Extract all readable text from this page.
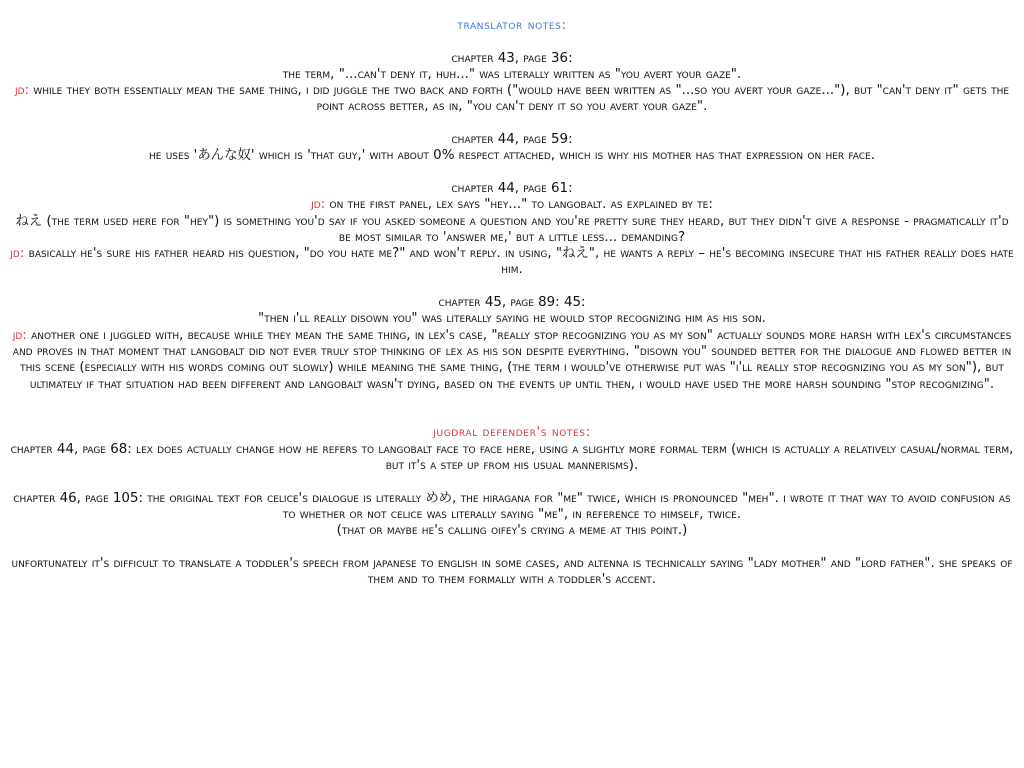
translator notes:

chapter 43, page 36:

the term, "...can't deny it, huh..." was literally written as "you avert your gaze".

jd: while they both essentially mean the same thing, i did juggle the two back and forth ("would have been written as "...so you avert your gaze..."), but "can't deny it" gets the point across better, as in, "you can't deny it so you avert your gaze".

chapter 44, page 59:

he uses 'あんな奴' which is 'that guy,' with about 0% respect attached, which is why his mother has that expression on her face.

chapter 44, page 61:

jd: on the first panel, lex says "hey..." to langobalt. as explained by te:

ねえ (the term used here for "hey") is something you'd say if you asked someone a question and you're pretty sure they heard, but they didn't give a response - pragmatically it'd be most similar to 'answer me,' but a little less... demanding?

jd: basically he's sure his father heard his question, "do you hate me?" and won't reply. in using, "ねえ", he wants a reply – he's becoming insecure that his father really does hate him.

chapter 45, page 89: 45:

"then i'll really disown you" was literally saying he would stop recognizing him as his son.

jd: another one i juggled with, because while they mean the same thing, in lex's case, "really stop recognizing you as my son" actually sounds more harsh with lex's circumstances and proves in that moment that langobalt did not ever truly stop thinking of lex as his son despite everything. "disown you" sounded better for the dialogue and flowed better in this scene (especially with his words coming out slowly) while meaning the same thing, (the term i would've otherwise put was "i'll really stop recognizing you as my son"), but ultimately if that situation had been different and langobalt wasn't dying, based on the events up until then, i would have used the more harsh sounding "stop recognizing".

jugdral defender's notes:

chapter 44, page 68: lex does actually change how he refers to langobalt face to face here, using a slightly more formal term (which is actually a relatively casual/normal term, but it's a step up from his usual mannerisms).

chapter 46, page 105: the original text for celice's dialogue is literally めめ, the hiragana for "me" twice, which is pronounced "meh". i wrote it that way to avoid confusion as to whether or not celice was literally saying "me", in reference to himself, twice.

(that or maybe he's calling oifey's crying a meme at this point.)

unfortunately it's difficult to translate a toddler's speech from japanese to english in some cases, and altenna is technically saying "lady mother" and "lord father". she speaks of them and to them formally with a toddler's accent.
